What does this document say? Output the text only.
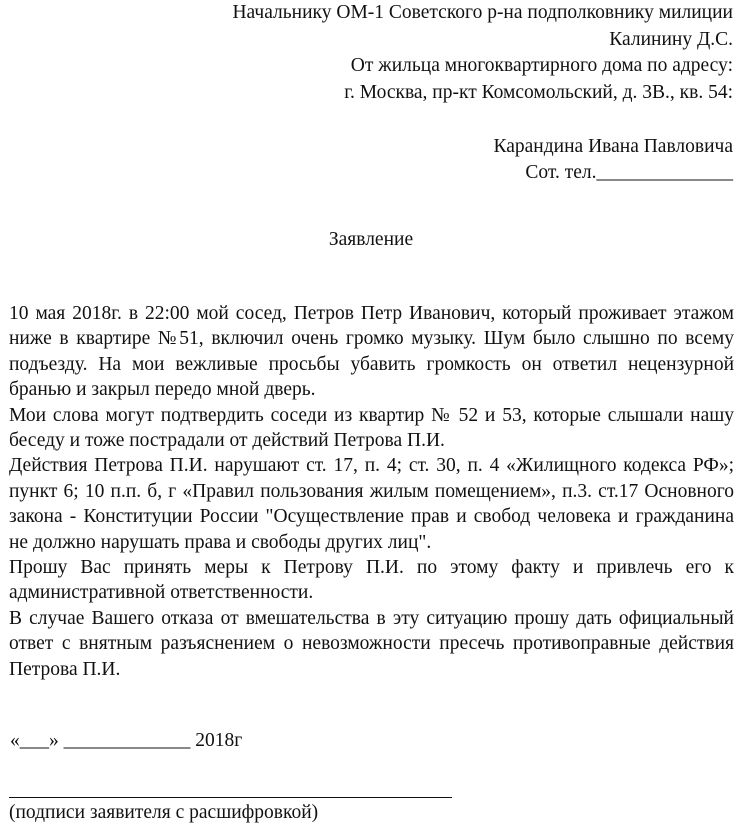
Начальнику ОМ-1 Советского р-на подполковнику милиции
Калинину Д.С.
От жильца многоквартирного дома по адресу:
г. Москва, пр-кт Комсомольский, д. 3В., кв. 54:

Карандина Ивана Павловича
Сот. тел.______________
Заявление

10 мая 2018г. в 22:00 мой сосед, Петров Петр Иванович, который проживает этажом ниже в квартире №51, включил очень громко музыку. Шум было слышно по всему подъезду. На мои вежливые просьбы убавить громкость он ответил нецензурной бранью и закрыл передо мной дверь.

Мои слова могут подтвердить соседи из квартир № 52 и 53, которые слышали нашу беседу и тоже пострадали от действий Петрова П.И.

Действия Петрова П.И. нарушают ст. 17, п. 4; ст. 30, п. 4 «Жилищного кодекса РФ»; пункт 6; 10 п.п. б, г «Правил пользования жилым помещением», п.3. ст.17 Основного закона - Конституции России "Осуществление прав и свобод человека и гражданина не должно нарушать права и свободы других лиц".

Прошу Вас принять меры к Петрову П.И. по этому факту и привлечь его к административной ответственности.

В случае Вашего отказа от вмешательства в эту ситуацию прошу дать официальный ответ с внятным разъяснением о невозможности пресечь противоправные действия Петрова П.И.

«___» _____________ 2018г
(подписи заявителя с расшифровкой)
